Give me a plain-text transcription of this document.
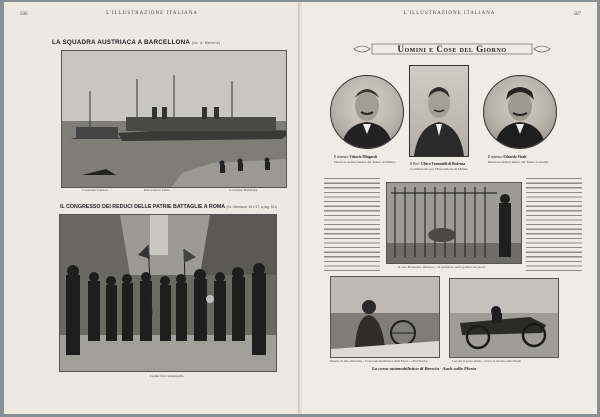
506	L'ILLUSTRAZIONE ITALIANA
LA SQUADRA AUSTRIACA A BARCELLONA (fot. A. Merlette)
Corazzata Laudon	Incrociatore Zenta	Corazzata Habsburg
IL CONGRESSO DEI REDUCI DELLE PATRIE BATTAGLIE A ROMA (fot. Abeniacar, 16 e 17, a pag. 521)
I reduci in Campidoglio.
507
L'ILLUSTRAZIONE ITALIANA
Uomini e Cose del Giorno
Il maestro Vittorio Mingardi
Il Prof. Ulrico Vannutelli di Bedenza
Il maestro Edoardo Vitale
Direttore dell'orchestra del Teatro di Milano
Commissario per l'Esposizione di Milano
Direttore dell'orchestra del Teatro Costanzi
Il can. Domenico Riduzzo - Il domatore nella gabbia dei leoni
Ritorno di una «Dracula» - Corsa automobilistica della Floria - «Fiat Sirena»	Lasciati al posto «Fiat» - Corsa al circuito della Floria
La corsa automobilistica di Brescia - Aach sulla Floria
